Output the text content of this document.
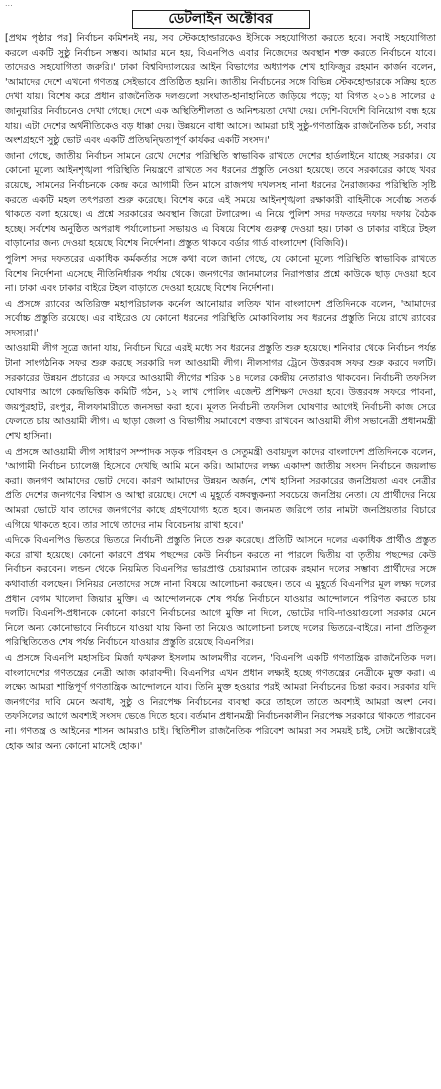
...
ডেটলাইন অক্টোবর

[প্রথম পৃষ্ঠার পর] নির্বাচন কমিশনই নয়, সব স্টেকহোল্ডারকেও ইসিকে সহযোগিতা করতে হবে। সবাই সহযোগিতা করলে একটি সুষ্ঠু নির্বাচন সম্ভব। আমার মনে হয়, বিএনপিও এবার নিজেদের অবস্থান শক্ত করতে নির্বাচনে যাবে। তাদেরও সহযোগিতা জরুরি।' ঢাকা বিশ্ববিদ্যালয়ের আইন বিভাগের অধ্যাপক শেখ হাফিজুর রহমান কার্জন বলেন, 'আমাদের দেশে এখনো গণতন্ত্র সেইভাবে প্রতিষ্ঠিত হয়নি। জাতীয় নির্বাচনের সঙ্গে বিভিন্ন স্টেকহোল্ডারকে সক্রিয় হতে দেখা যায়। বিশেষ করে প্রধান রাজনৈতিক দলগুলো সংঘাত-হানাহানিতে জড়িয়ে পড়ে; যা বিগত ২০১৪ সালের ৫ জানুয়ারির নির্বাচনেও দেখা গেছে। দেশে এক অস্থিতিশীলতা ও অনিশ্চয়তা দেখা দেয়। দেশি-বিদেশি বিনিয়োগ বন্ধ হয়ে যায়। এটা দেশের অর্থনীতিকেও বড় ধাক্কা দেয়। উন্নয়নে বাধা আসে। আমরা চাই সুষ্ঠু-গণতান্ত্রিক রাজনৈতিক চর্চা, সবার অংশগ্রহণে সুষ্ঠু ভোট এবং একটি প্রতিদ্বন্দ্বিতাপূর্ণ কার্যকর একটি সংসদ।'

জানা গেছে, জাতীয় নির্বাচন সামনে রেখে দেশের পরিস্থিতি স্বাভাবিক রাখতে দেশের হার্ডলাইনে যাচ্ছে সরকার। যে কোনো মূল্যে আইনশৃঙ্খলা পরিস্থিতি নিয়ন্ত্রণে রাখতে সব ধরনের প্রস্তুতি নেওয়া হয়েছে। তবে সরকারের কাছে খবর রয়েছে, সামনের নির্বাচনকে কেন্দ্র করে আগামী তিন মাসে রাজপথ দখলসহ নানা ধরনের নৈরাজ্যকর পরিস্থিতি সৃষ্টি করতে একটি মহল তৎপরতা শুরু করেছে। বিশেষ করে এই সময়ে আইনশৃঙ্খলা রক্ষাকারী বাহিনীকে সর্বোচ্চ সতর্ক থাকতে বলা হয়েছে। এ প্রশ্নে সরকারের অবস্থান জিরো টলারেন্স। এ নিয়ে পুলিশ সদর দফতরে দফায় দফায় বৈঠক হচ্ছে। সর্বশেষ অনুষ্ঠিত অপরাধ পর্যালোচনা সভায়ও এ বিষয়ে বিশেষ গুরুত্ব দেওয়া হয়। ঢাকা ও ঢাকার বাইরে টহল বাড়ানোর জন্য দেওয়া হয়েছে বিশেষ নির্দেশনা। প্রস্তুত থাকবে বর্ডার গার্ড বাংলাদেশ (বিজিবি)।

পুলিশ সদর দফতরের একাধিক কর্মকর্তার সঙ্গে কথা বলে জানা গেছে, যে কোনো মূল্যে পরিস্থিতি স্বাভাবিক রাখতে বিশেষ নির্দেশনা এসেছে নীতিনির্ধারক পর্যায় থেকে। জনগণের জানমালের নিরাপত্তার প্রশ্নে কাউকে ছাড় দেওয়া হবে না। ঢাকা এবং ঢাকার বাইরে টহল বাড়াতে দেওয়া হয়েছে বিশেষ নির্দেশনা।

এ প্রসঙ্গে র‍্যাবের অতিরিক্ত মহাপরিচালক কর্নেল আনোয়ার লতিফ খান বাংলাদেশ প্রতিদিনকে বলেন, 'আমাদের সর্বোচ্চ প্রস্তুতি রয়েছে। এর বাইরেও যে কোনো ধরনের পরিস্থিতি মোকাবিলায় সব ধরনের প্রস্তুতি নিয়ে রাখে র‍্যাবের সদস্যরা।'

আওয়ামী লীগ সূত্রে জানা যায়, নির্বাচন ঘিরে এরই মধ্যে সব ধরনের প্রস্তুতি শুরু হয়েছে। শনিবার থেকে নির্বাচন পর্যন্ত টানা সাংগঠনিক সফর শুরু করছে সরকারি দল আওয়ামী লীগ। নীলসাগর ট্রেনে উত্তরবঙ্গ সফর শুরু করবে দলটি। সরকারের উন্নয়ন প্রচারের এ সফরে আওয়ামী লীগের শরিক ১৪ দলের কেন্দ্রীয় নেতারাও থাকবেন। নির্বাচনী তফসিল ঘোষণার আগে কেন্দ্রভিত্তিক কমিটি গঠন, ১২ লাখ পোলিং এজেন্ট প্রশিক্ষণ দেওয়া হবে। উত্তরবঙ্গ সফরে পাবনা, জয়পুরহাট, রংপুর, নীলফামারীতে জনসভা করা হবে। মূলত নির্বাচনী তফসিল ঘোষণার আগেই নির্বাচনী কাজ সেরে ফেলতে চায় আওয়ামী লীগ। এ ছাড়া জেলা ও বিভাগীয় সমাবেশে বক্তব্য রাখবেন আওয়ামী লীগ সভানেত্রী প্রধানমন্ত্রী শেখ হাসিনা।

এ প্রসঙ্গে আওয়ামী লীগ সাধারণ সম্পাদক সড়ক পরিবহন ও সেতুমন্ত্রী ওবায়দুল কাদের বাংলাদেশ প্রতিদিনকে বলেন, 'আগামী নির্বাচন চ্যালেঞ্জ হিসেবে দেখছি আমি মনে করি। আমাদের লক্ষ্য একাদশ জাতীয় সংসদ নির্বাচনে জয়লাভ করা। জনগণ আমাদের ভোট দেবে। কারণ আমাদের উন্নয়ন অর্জন, শেখ হাসিনা সরকারের জনপ্রিয়তা এবং নেত্রীর প্রতি দেশের জনগণের বিশ্বাস ও আস্থা রয়েছে। দেশে এ মুহূর্তে বঙ্গবন্ধুকন্যা সবচেয়ে জনপ্রিয় নেতা। যে প্রার্থীদের নিয়ে আমরা ভোটে যাব তাদের জনগণের কাছে গ্রহণযোগ্য হতে হবে। জনমত জরিপে তার নামটা জনপ্রিয়তার বিচারে এগিয়ে থাকতে হবে। তার সাথে তাদের নাম বিবেচনায় রাখা হবে।'

এদিকে বিএনপিও ভিতরে ভিতরে নির্বাচনী প্রস্তুতি নিতে শুরু করেছে। প্রতিটি আসনে দলের একাধিক প্রার্থীও প্রস্তুত করে রাখা হয়েছে। কোনো কারণে প্রথম পছন্দের কেউ নির্বাচন করতে না পারলে দ্বিতীয় বা তৃতীয় পছন্দের কেউ নির্বাচন করবেন। লন্ডন থেকে নিয়মিত বিএনপির ভারপ্রাপ্ত চেয়ারম্যান তারেক রহমান দলের সম্ভাব্য প্রার্থীদের সঙ্গে কথাবার্তা বলছেন। সিনিয়র নেতাদের সঙ্গে নানা বিষয়ে আলোচনা করছেন। তবে এ মুহূর্তে বিএনপির মূল লক্ষ্য দলের প্রধান বেগম খালেদা জিয়ার মুক্তি। এ আন্দোলনকে শেষ পর্যন্ত নির্বাচনে যাওয়ার আন্দোলনে পরিণত করতে চায় দলটি। বিএনপি-প্রধানকে কোনো কারণে নির্বাচনের আগে মুক্তি না দিলে, ভোটের দাবি-দাওয়াগুলো সরকার মেনে নিলে অন্য কোনোভাবে নির্বাচনে যাওয়া যায় কিনা তা নিয়েও আলোচনা চলছে দলের ভিতরে-বাইরে। নানা প্রতিকূল পরিস্থিতিতেও শেষ পর্যন্ত নির্বাচনে যাওয়ার প্রস্তুতি রয়েছে বিএনপির।

এ প্রসঙ্গে বিএনপি মহাসচিব মির্জা ফখরুল ইসলাম আলমগীর বলেন, 'বিএনপি একটি গণতান্ত্রিক রাজনৈতিক দল। বাংলাদেশের গণতন্ত্রের নেত্রী আজ কারাবন্দী। বিএনপির এখন প্রধান লক্ষ্যই হচ্ছে গণতন্ত্রের নেত্রীকে মুক্ত করা। এ লক্ষ্যে আমরা শান্তিপূর্ণ গণতান্ত্রিক আন্দোলনে যাব। তিনি মুক্ত হওয়ার পরই আমরা নির্বাচনের চিন্তা করব। সরকার যদি জনগণের দাবি মেনে অবাধ, সুষ্ঠু ও নিরপেক্ষ নির্বাচনের ব্যবস্থা করে তাহলে তাতে অবশ্যই আমরা অংশ নেব। তফসিলের আগে অবশ্যই সংসদ ভেঙে দিতে হবে। বর্তমান প্রধানমন্ত্রী নির্বাচনকালীন নিরপেক্ষ সরকারে থাকতে পারবেন না। গণতন্ত্র ও আইনের শাসন আমরাও চাই। স্থিতিশীল রাজনৈতিক পরিবেশ আমরা সব সময়ই চাই, সেটা অক্টোবরেই হোক আর অন্য কোনো মাসেই হোক।'
